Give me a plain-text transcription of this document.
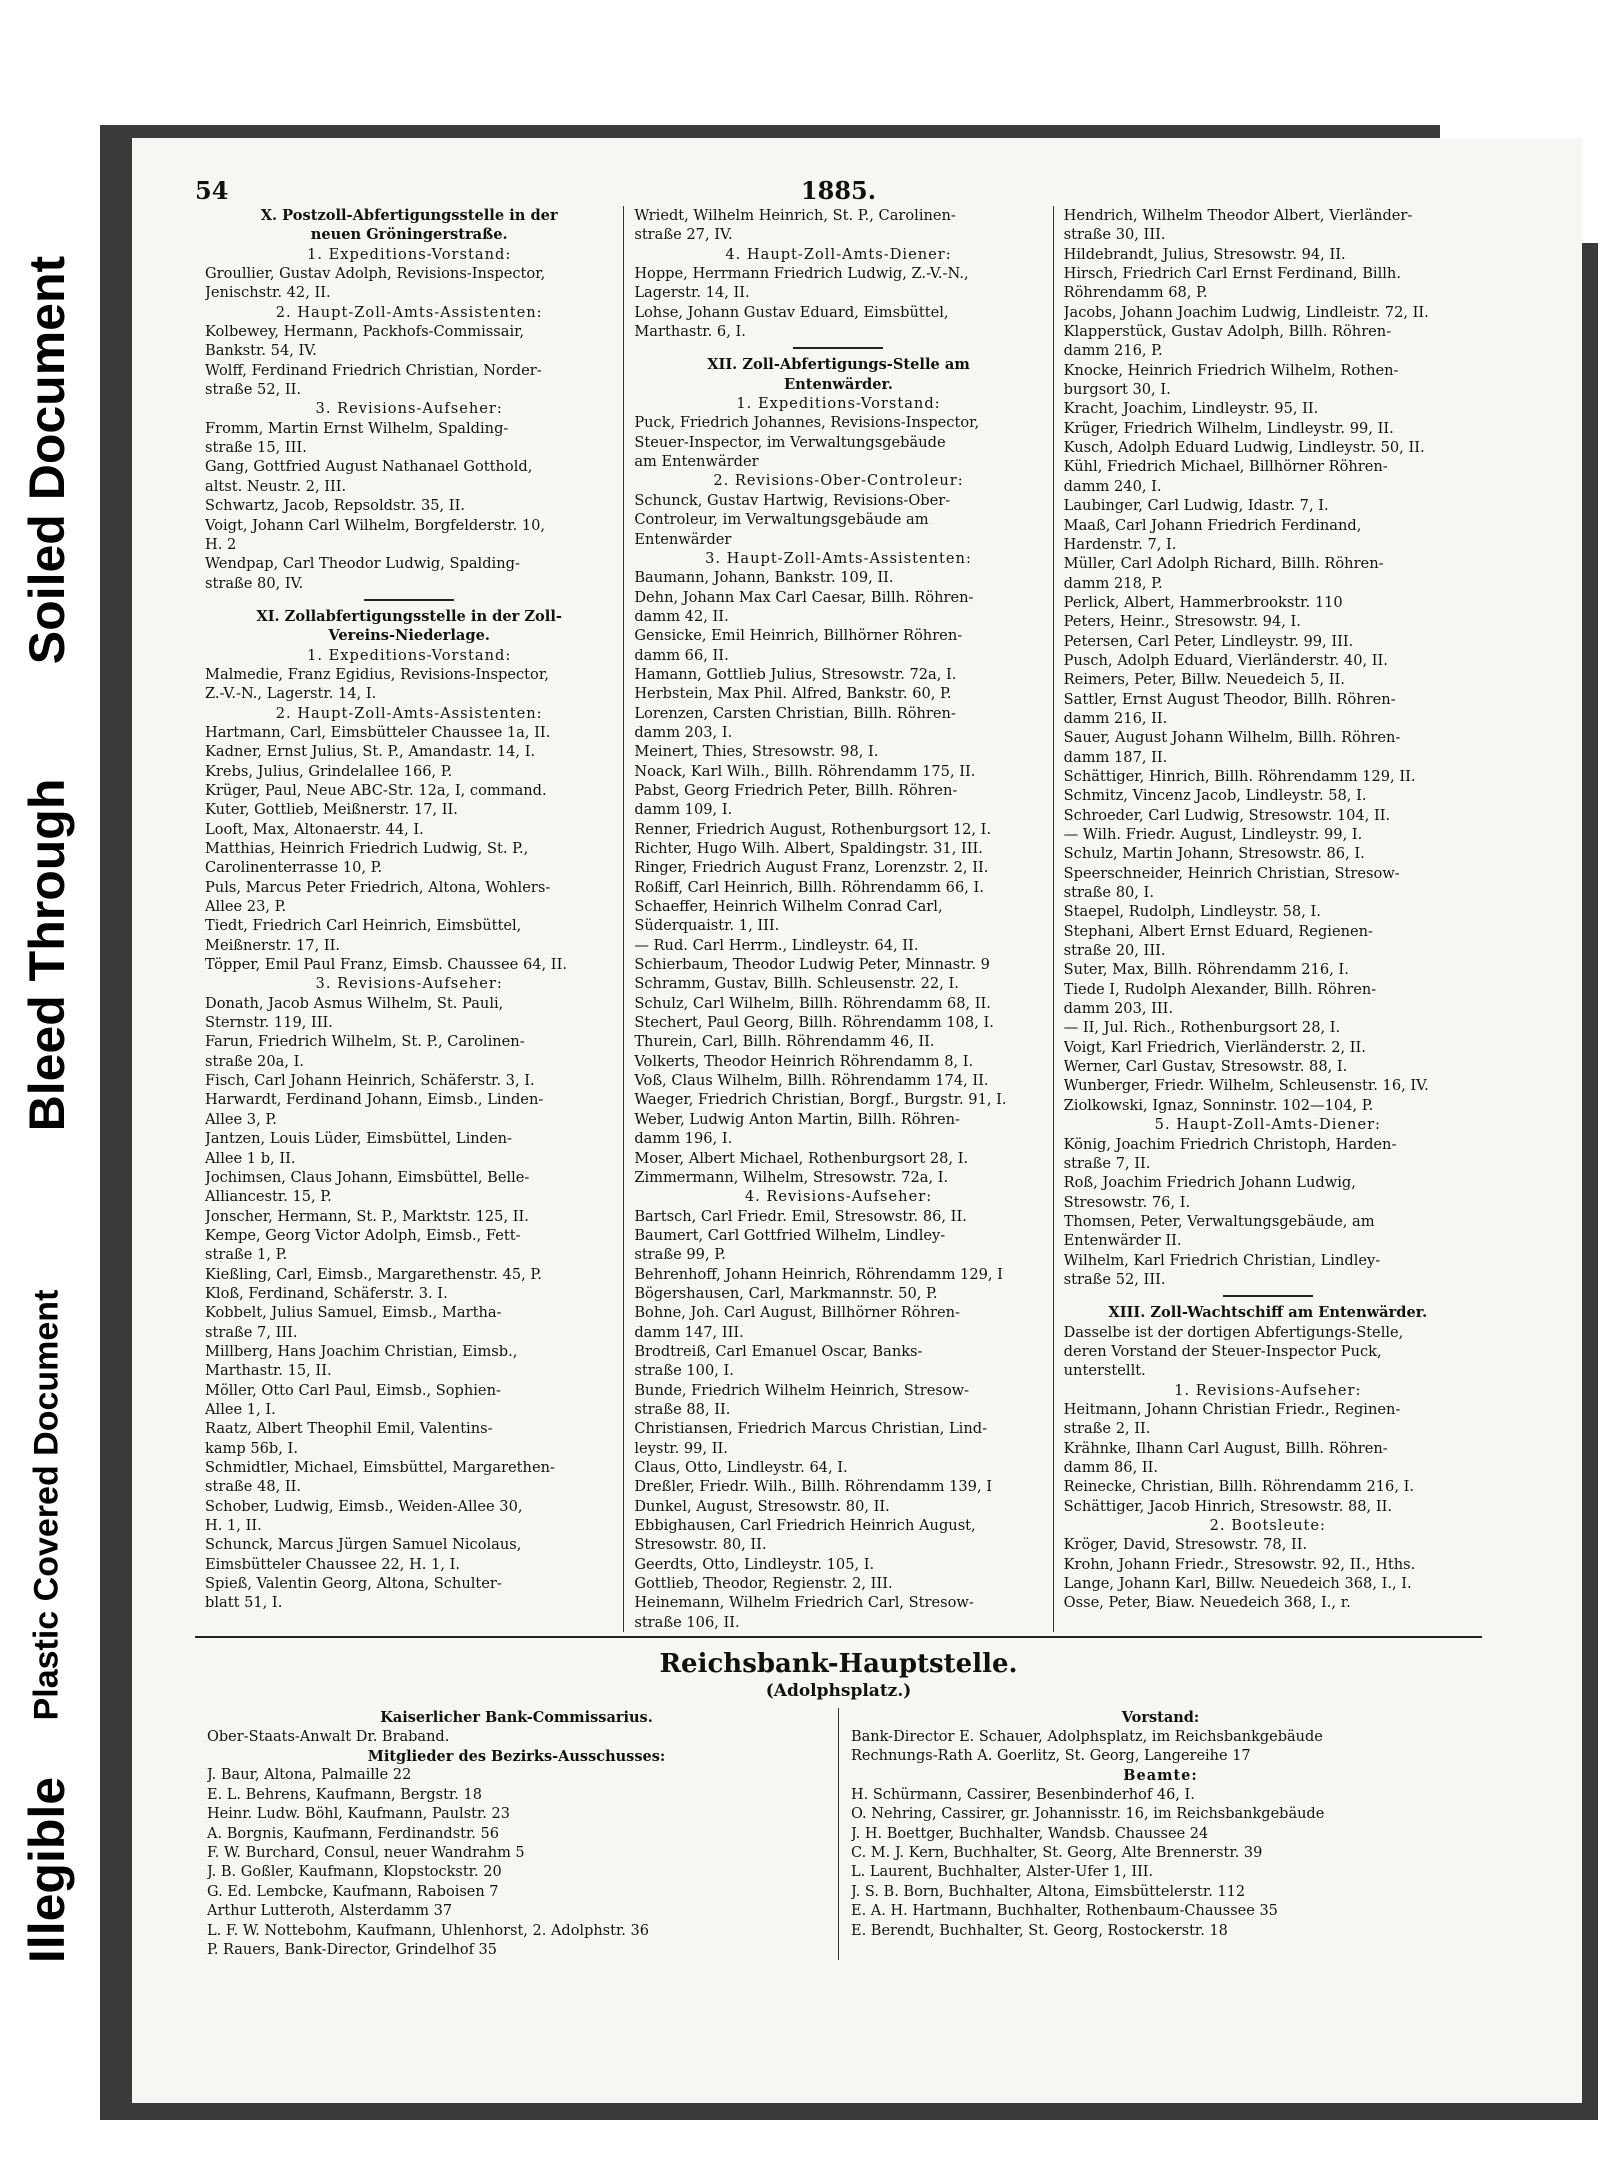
Illegible
Plastic Covered Document
Bleed Through
Soiled Document
54	1885.
X. Postzoll-Abfertigungsstelle in der
neuen Gröningerstraße.
1. Expeditions-Vorstand:
Groullier, Gustav Adolph, Revisions-Inspector,
Jenischstr. 42, II.
2. Haupt-Zoll-Amts-Assistenten:
Kolbewey, Hermann, Packhofs-Commissair,
Bankstr. 54, IV.
Wolff, Ferdinand Friedrich Christian, Norder-
straße 52, II.
3. Revisions-Aufseher:
Fromm, Martin Ernst Wilhelm, Spalding-
straße 15, III.
Gang, Gottfried August Nathanael Gotthold,
altst. Neustr. 2, III.
Schwartz, Jacob, Repsoldstr. 35, II.
Voigt, Johann Carl Wilhelm, Borgfelderstr. 10,
H. 2
Wendpap, Carl Theodor Ludwig, Spalding-
straße 80, IV.
XI. Zollabfertigungsstelle in der Zoll-
Vereins-Niederlage.
1. Expeditions-Vorstand:
Malmedie, Franz Egidius, Revisions-Inspector,
Z.-V.-N., Lagerstr. 14, I.
2. Haupt-Zoll-Amts-Assistenten:
Hartmann, Carl, Eimsbütteler Chaussee 1a, II.
Kadner, Ernst Julius, St. P., Amandastr. 14, I.
Krebs, Julius, Grindelallee 166, P.
Krüger, Paul, Neue ABC-Str. 12a, I, command.
Kuter, Gottlieb, Meißnerstr. 17, II.
Looft, Max, Altonaerstr. 44, I.
Matthias, Heinrich Friedrich Ludwig, St. P.,
Carolinenterrasse 10, P.
Puls, Marcus Peter Friedrich, Altona, Wohlers-
Allee 23, P.
Tiedt, Friedrich Carl Heinrich, Eimsbüttel,
Meißnerstr. 17, II.
Töpper, Emil Paul Franz, Eimsb. Chaussee 64, II.
3. Revisions-Aufseher:
Donath, Jacob Asmus Wilhelm, St. Pauli,
Sternstr. 119, III.
Farun, Friedrich Wilhelm, St. P., Carolinen-
straße 20a, I.
Fisch, Carl Johann Heinrich, Schäferstr. 3, I.
Harwardt, Ferdinand Johann, Eimsb., Linden-
Allee 3, P.
Jantzen, Louis Lüder, Eimsbüttel, Linden-
Allee 1 b, II.
Jochimsen, Claus Johann, Eimsbüttel, Belle-
Alliancestr. 15, P.
Jonscher, Hermann, St. P., Marktstr. 125, II.
Kempe, Georg Victor Adolph, Eimsb., Fett-
straße 1, P.
Kießling, Carl, Eimsb., Margarethenstr. 45, P.
Kloß, Ferdinand, Schäferstr. 3. I.
Kobbelt, Julius Samuel, Eimsb., Martha-
straße 7, III.
Millberg, Hans Joachim Christian, Eimsb.,
Marthastr. 15, II.
Möller, Otto Carl Paul, Eimsb., Sophien-
Allee 1, I.
Raatz, Albert Theophil Emil, Valentins-
kamp 56b, I.
Schmidtler, Michael, Eimsbüttel, Margarethen-
straße 48, II.
Schober, Ludwig, Eimsb., Weiden-Allee 30,
H. 1, II.
Schunck, Marcus Jürgen Samuel Nicolaus,
Eimsbütteler Chaussee 22, H. 1, I.
Spieß, Valentin Georg, Altona, Schulter-
blatt 51, I.
Wriedt, Wilhelm Heinrich, St. P., Carolinen-
straße 27, IV.
4. Haupt-Zoll-Amts-Diener:
Hoppe, Herrmann Friedrich Ludwig, Z.-V.-N.,
Lagerstr. 14, II.
Lohse, Johann Gustav Eduard, Eimsbüttel,
Marthastr. 6, I.
XII. Zoll-Abfertigungs-Stelle am
Entenwärder.
1. Expeditions-Vorstand:
Puck, Friedrich Johannes, Revisions-Inspector,
Steuer-Inspector, im Verwaltungsgebäude
am Entenwärder
2. Revisions-Ober-Controleur:
Schunck, Gustav Hartwig, Revisions-Ober-
Controleur, im Verwaltungsgebäude am
Entenwärder
3. Haupt-Zoll-Amts-Assistenten:
Baumann, Johann, Bankstr. 109, II.
Dehn, Johann Max Carl Caesar, Billh. Röhren-
damm 42, II.
Gensicke, Emil Heinrich, Billhörner Röhren-
damm 66, II.
Hamann, Gottlieb Julius, Stresowstr. 72a, I.
Herbstein, Max Phil. Alfred, Bankstr. 60, P.
Lorenzen, Carsten Christian, Billh. Röhren-
damm 203, I.
Meinert, Thies, Stresowstr. 98, I.
Noack, Karl Wilh., Billh. Röhrendamm 175, II.
Pabst, Georg Friedrich Peter, Billh. Röhren-
damm 109, I.
Renner, Friedrich August, Rothenburgsort 12, I.
Richter, Hugo Wilh. Albert, Spaldingstr. 31, III.
Ringer, Friedrich August Franz, Lorenzstr. 2, II.
Roßiff, Carl Heinrich, Billh. Röhrendamm 66, I.
Schaeffer, Heinrich Wilhelm Conrad Carl,
Süderquaistr. 1, III.
— Rud. Carl Herrm., Lindleystr. 64, II.
Schierbaum, Theodor Ludwig Peter, Minnastr. 9
Schramm, Gustav, Billh. Schleusenstr. 22, I.
Schulz, Carl Wilhelm, Billh. Röhrendamm 68, II.
Stechert, Paul Georg, Billh. Röhrendamm 108, I.
Thurein, Carl, Billh. Röhrendamm 46, II.
Volkerts, Theodor Heinrich Röhrendamm 8, I.
Voß, Claus Wilhelm, Billh. Röhrendamm 174, II.
Waeger, Friedrich Christian, Borgf., Burgstr. 91, I.
Weber, Ludwig Anton Martin, Billh. Röhren-
damm 196, I.
Moser, Albert Michael, Rothenburgsort 28, I.
Zimmermann, Wilhelm, Stresowstr. 72a, I.
4. Revisions-Aufseher:
Bartsch, Carl Friedr. Emil, Stresowstr. 86, II.
Baumert, Carl Gottfried Wilhelm, Lindley-
straße 99, P.
Behrenhoff, Johann Heinrich, Röhrendamm 129, I
Bögershausen, Carl, Markmannstr. 50, P.
Bohne, Joh. Carl August, Billhörner Röhren-
damm 147, III.
Brodtreiß, Carl Emanuel Oscar, Banks-
straße 100, I.
Bunde, Friedrich Wilhelm Heinrich, Stresow-
straße 88, II.
Christiansen, Friedrich Marcus Christian, Lind-
leystr. 99, II.
Claus, Otto, Lindleystr. 64, I.
Dreßler, Friedr. Wilh., Billh. Röhrendamm 139, I
Dunkel, August, Stresowstr. 80, II.
Ebbighausen, Carl Friedrich Heinrich August,
Stresowstr. 80, II.
Geerdts, Otto, Lindleystr. 105, I.
Gottlieb, Theodor, Regienstr. 2, III.
Heinemann, Wilhelm Friedrich Carl, Stresow-
straße 106, II.
Hendrich, Wilhelm Theodor Albert, Vierländer-
straße 30, III.
Hildebrandt, Julius, Stresowstr. 94, II.
Hirsch, Friedrich Carl Ernst Ferdinand, Billh.
Röhrendamm 68, P.
Jacobs, Johann Joachim Ludwig, Lindleistr. 72, II.
Klapperstück, Gustav Adolph, Billh. Röhren-
damm 216, P.
Knocke, Heinrich Friedrich Wilhelm, Rothen-
burgsort 30, I.
Kracht, Joachim, Lindleystr. 95, II.
Krüger, Friedrich Wilhelm, Lindleystr. 99, II.
Kusch, Adolph Eduard Ludwig, Lindleystr. 50, II.
Kühl, Friedrich Michael, Billhörner Röhren-
damm 240, I.
Laubinger, Carl Ludwig, Idastr. 7, I.
Maaß, Carl Johann Friedrich Ferdinand,
Hardenstr. 7, I.
Müller, Carl Adolph Richard, Billh. Röhren-
damm 218, P.
Perlick, Albert, Hammerbrookstr. 110
Peters, Heinr., Stresowstr. 94, I.
Petersen, Carl Peter, Lindleystr. 99, III.
Pusch, Adolph Eduard, Vierländerstr. 40, II.
Reimers, Peter, Billw. Neuedeich 5, II.
Sattler, Ernst August Theodor, Billh. Röhren-
damm 216, II.
Sauer, August Johann Wilhelm, Billh. Röhren-
damm 187, II.
Schättiger, Hinrich, Billh. Röhrendamm 129, II.
Schmitz, Vincenz Jacob, Lindleystr. 58, I.
Schroeder, Carl Ludwig, Stresowstr. 104, II.
— Wilh. Friedr. August, Lindleystr. 99, I.
Schulz, Martin Johann, Stresowstr. 86, I.
Speerschneider, Heinrich Christian, Stresow-
straße 80, I.
Staepel, Rudolph, Lindleystr. 58, I.
Stephani, Albert Ernst Eduard, Regienen-
straße 20, III.
Suter, Max, Billh. Röhrendamm 216, I.
Tiede I, Rudolph Alexander, Billh. Röhren-
damm 203, III.
— II, Jul. Rich., Rothenburgsort 28, I.
Voigt, Karl Friedrich, Vierländerstr. 2, II.
Werner, Carl Gustav, Stresowstr. 88, I.
Wunberger, Friedr. Wilhelm, Schleusenstr. 16, IV.
Ziolkowski, Ignaz, Sonninstr. 102—104, P.
5. Haupt-Zoll-Amts-Diener:
König, Joachim Friedrich Christoph, Harden-
straße 7, II.
Roß, Joachim Friedrich Johann Ludwig,
Stresowstr. 76, I.
Thomsen, Peter, Verwaltungsgebäude, am
Entenwärder II.
Wilhelm, Karl Friedrich Christian, Lindley-
straße 52, III.
XIII. Zoll-Wachtschiff am Entenwärder.
Dasselbe ist der dortigen Abfertigungs-Stelle,
deren Vorstand der Steuer-Inspector Puck,
unterstellt.
1. Revisions-Aufseher:
Heitmann, Johann Christian Friedr., Reginen-
straße 2, II.
Krähnke, Ilhann Carl August, Billh. Röhren-
damm 86, II.
Reinecke, Christian, Billh. Röhrendamm 216, I.
Schättiger, Jacob Hinrich, Stresowstr. 88, II.
2. Bootsleute:
Kröger, David, Stresowstr. 78, II.
Krohn, Johann Friedr., Stresowstr. 92, II., Hths.
Lange, Johann Karl, Billw. Neuedeich 368, I., I.
Osse, Peter, Biaw. Neuedeich 368, I., r.
Reichsbank-Hauptstelle.
(Adolphsplatz.)
Kaiserlicher Bank-Commissarius.
Ober-Staats-Anwalt Dr. Braband.
Mitglieder des Bezirks-Ausschusses:
J. Baur, Altona, Palmaille 22
E. L. Behrens, Kaufmann, Bergstr. 18
Heinr. Ludw. Böhl, Kaufmann, Paulstr. 23
A. Borgnis, Kaufmann, Ferdinandstr. 56
F. W. Burchard, Consul, neuer Wandrahm 5
J. B. Goßler, Kaufmann, Klopstockstr. 20
G. Ed. Lembcke, Kaufmann, Raboisen 7
Arthur Lutteroth, Alsterdamm 37
L. F. W. Nottebohm, Kaufmann, Uhlenhorst, 2. Adolphstr. 36
P. Rauers, Bank-Director, Grindelhof 35
Vorstand:
Bank-Director E. Schauer, Adolphsplatz, im Reichsbankgebäude
Rechnungs-Rath A. Goerlitz, St. Georg, Langereihe 17
Beamte:
H. Schürmann, Cassirer, Besenbinderhof 46, I.
O. Nehring, Cassirer, gr. Johannisstr. 16, im Reichsbankgebäude
J. H. Boettger, Buchhalter, Wandsb. Chaussee 24
C. M. J. Kern, Buchhalter, St. Georg, Alte Brennerstr. 39
L. Laurent, Buchhalter, Alster-Ufer 1, III.
J. S. B. Born, Buchhalter, Altona, Eimsbüttelerstr. 112
E. A. H. Hartmann, Buchhalter, Rothenbaum-Chaussee 35
E. Berendt, Buchhalter, St. Georg, Rostockerstr. 18
